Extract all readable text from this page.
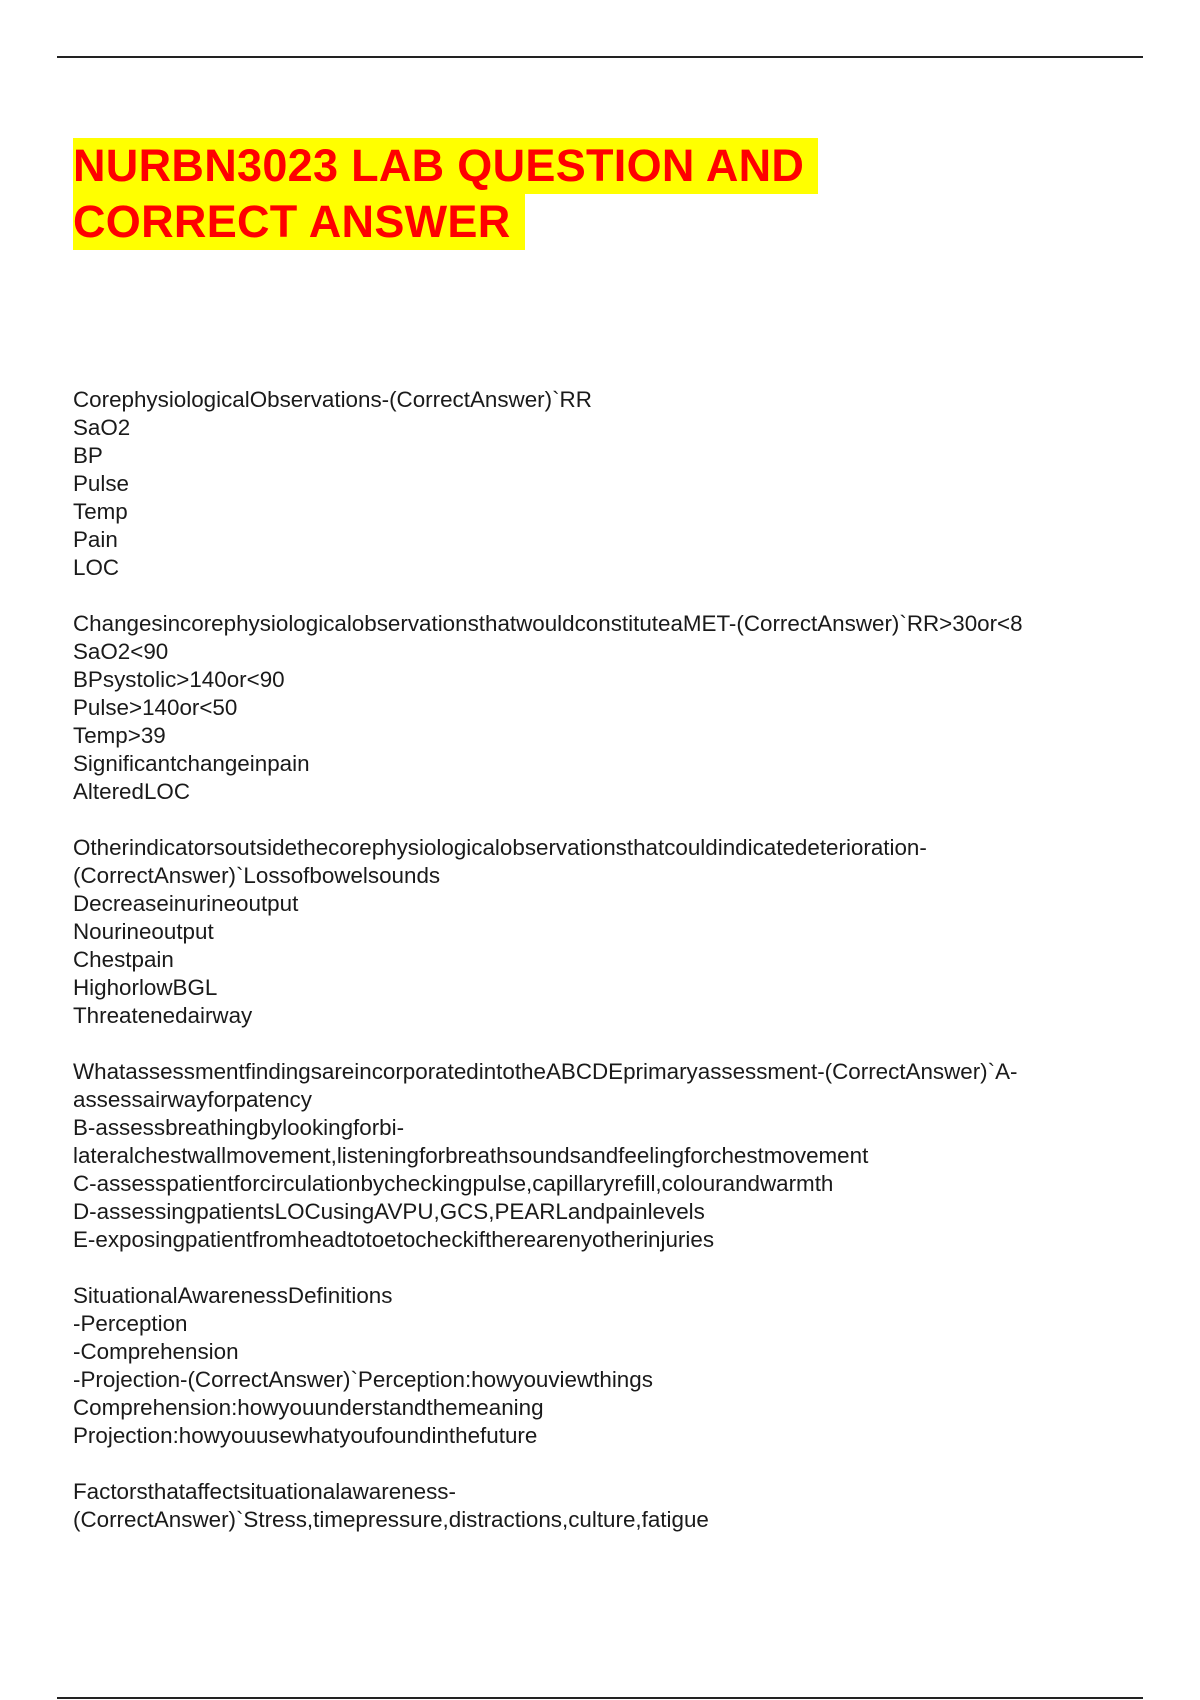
NURBN3023 LAB QUESTION AND
CORRECT ANSWER
CorephysiologicalObservations-(CorrectAnswer)`RR
SaO2
BP
Pulse
Temp
Pain
LOC
ChangesincorephysiologicalobservationsthatwouldconstituteaMET-(CorrectAnswer)`RR>30or<8
SaO2<90
BPsystolic>140or<90
Pulse>140or<50
Temp>39
Significantchangeinpain
AlteredLOC
Otherindicatorsoutsidethecorephysiologicalobservationsthatcouldindicatedeterioration-
(CorrectAnswer)`Lossofbowelsounds
Decreaseinurineoutput
Nourineoutput
Chestpain
HighorlowBGL
Threatenedairway
WhatassessmentfindingsareincorporatedintotheABCDEprimaryassessment-(CorrectAnswer)`A-
assessairwayforpatency
B-assessbreathingbylookingforbi-
lateralchestwallmovement,listeningforbreathsoundsandfeelingforchestmovement
C-assesspatientforcirculationbycheckingpulse,capillaryrefill,colourandwarmth
D-assessingpatientsLOCusingAVPU,GCS,PEARLandpainlevels
E-exposingpatientfromheadtotoetocheckiftherearenyotherinjuries
SituationalAwarenessDefinitions
-Perception
-Comprehension
-Projection-(CorrectAnswer)`Perception:howyouviewthings
Comprehension:howyouunderstandthemeaning
Projection:howyouusewhatyoufoundinthefuture
Factorsthataffectsituationalawareness-
(CorrectAnswer)`Stress,timepressure,distractions,culture,fatigue
